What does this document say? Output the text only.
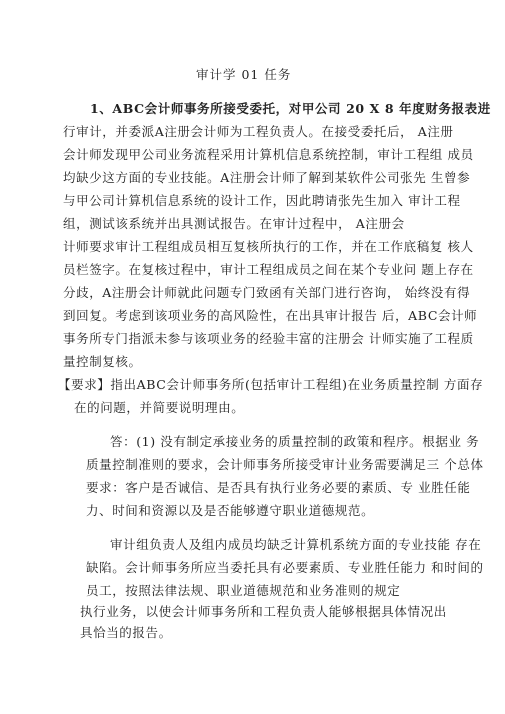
审计学 01 任务
1、ABC会计师事务所接受委托，对甲公司 20 X 8 年度财务报表进
行审计，并委派A注册会计师为工程负责人。在接受委托后， A注册
会计师发现甲公司业务流程采用计算机信息系统控制，审计工程组 成员
均缺少这方面的专业技能。A注册会计师了解到某软件公司张先 生曾参
与甲公司计算机信息系统的设计工作，因此聘请张先生加入 审计工程
组，测试该系统并出具测试报告。在审计过程中， A注册会
计师要求审计工程组成员相互复核所执行的工作，并在工作底稿复 核人
员栏签字。在复核过程中，审计工程组成员之间在某个专业问 题上存在
分歧，A注册会计师就此问题专门致函有关部门进行咨询， 始终没有得
到回复。考虑到该项业务的高风险性，在出具审计报告 后，ABC会计师
事务所专门指派未参与该项业务的经验丰富的注册会 计师实施了工程质
量控制复核。
【要求】指出ABC会计师事务所(包括审计工程组)在业务质量控制 方面存
在的问题，并简要说明理由。
答：(1) 没有制定承接业务的质量控制的政策和程序。根据业 务
质量控制准则的要求，会计师事务所接受审计业务需要满足三 个总体
要求：客户是否诚信、是否具有执行业务必要的素质、专 业胜任能
力、时间和资源以及是否能够遵守职业道德规范。
审计组负责人及组内成员均缺乏计算机系统方面的专业技能 存在
缺陷。会计师事务所应当委托具有必要素质、专业胜任能力 和时间的
员工，按照法律法规、职业道德规范和业务准则的规定
执行业务，以使会计师事务所和工程负责人能够根据具体情况出
具恰当的报告。
